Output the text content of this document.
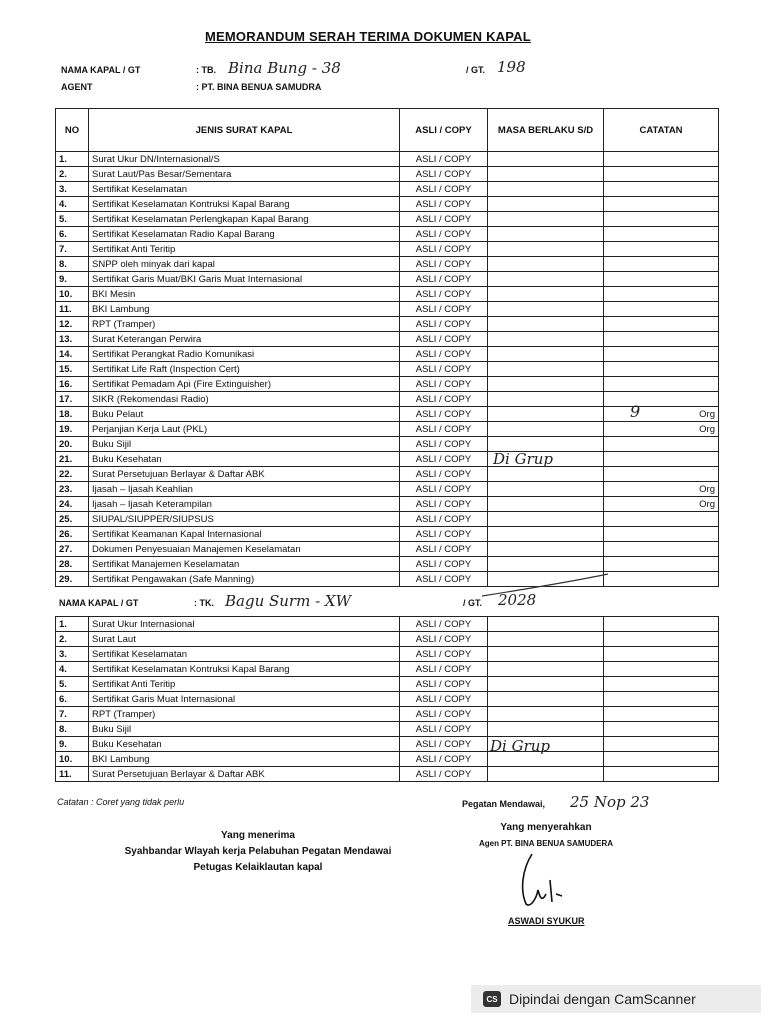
MEMORANDUM SERAH TERIMA DOKUMEN KAPAL
NAMA KAPAL / GT	: TB. Bina Bung - 38	/ GT. 198
AGENT	: PT. BINA BENUA SAMUDRA
NO	JENIS SURAT KAPAL	ASLI / COPY	MASA BERLAKU S/D	CATATAN
1.	Surat Ukur DN/Internasional/S	ASLI / COPY		
2.	Surat Laut/Pas Besar/Sementara	ASLI / COPY		
3.	Sertifikat Keselamatan	ASLI / COPY		
4.	Sertifikat Keselamatan Kontruksi Kapal Barang	ASLI / COPY		
5.	Sertifikat Keselamatan Perlengkapan Kapal Barang	ASLI / COPY		
6.	Sertifikat Keselamatan Radio Kapal Barang	ASLI / COPY		
7.	Sertifikat Anti Teritip	ASLI / COPY		
8.	SNPP oleh minyak dari kapal	ASLI / COPY		
9.	Sertifikat Garis Muat/BKI Garis Muat Internasional	ASLI / COPY		
10.	BKI Mesin	ASLI / COPY		
11.	BKI Lambung	ASLI / COPY		
12.	RPT (Tramper)	ASLI / COPY		
13.	Surat Keterangan Perwira	ASLI / COPY		
14.	Sertifikat Perangkat Radio Komunikasi	ASLI / COPY		
15.	Sertifikat Life Raft (Inspection Cert)	ASLI / COPY		
16.	Sertifikat Pemadam Api (Fire Extinguisher)	ASLI / COPY		
17.	SIKR (Rekomendasi Radio)	ASLI / COPY		
18.	Buku Pelaut	ASLI / COPY		Org
19.	Perjanjian Kerja Laut (PKL)	ASLI / COPY		Org
20.	Buku Sijil	ASLI / COPY		
21.	Buku Kesehatan	ASLI / COPY		
22.	Surat Persetujuan Berlayar & Daftar ABK	ASLI / COPY		
23.	Ijasah – Ijasah Keahlian	ASLI / COPY		Org
24.	Ijasah – Ijasah Keterampilan	ASLI / COPY		Org
25.	SIUPAL/SIUPPER/SIUPSUS	ASLI / COPY		
26.	Sertifikat Keamanan Kapal Internasional	ASLI / COPY		
27.	Dokumen Penyesuaian Manajemen Keselamatan	ASLI / COPY		
28.	Sertifikat Manajemen Keselamatan	ASLI / COPY		
29.	Sertifikat Pengawakan (Safe Manning)	ASLI / COPY		
9
Di Grup
NAMA KAPAL / GT	: TK. Bagu Surm - XW	/ GT. 2028
1.	Surat Ukur Internasional	ASLI / COPY		
2.	Surat Laut	ASLI / COPY		
3.	Sertifikat Keselamatan	ASLI / COPY		
4.	Sertifikat Keselamatan Kontruksi Kapal Barang	ASLI / COPY		
5.	Sertifikat Anti Teritip	ASLI / COPY		
6.	Sertifikat Garis Muat Internasional	ASLI / COPY		
7.	RPT (Tramper)	ASLI / COPY		
8.	Buku Sijil	ASLI / COPY		
9.	Buku Kesehatan	ASLI / COPY		
10.	BKI Lambung	ASLI / COPY		
11.	Surat Persetujuan Berlayar & Daftar ABK	ASLI / COPY		
Di Grup
Catatan : Coret yang tidak perlu	Pegatan Mendawai, 25 Nop 23
Yang menerima
Syahbandar Wlayah kerja Pelabuhan Pegatan Mendawai
Petugas Kelaiklautan kapal
Yang menyerahkan
Agen PT. BINA BENUA SAMUDERA
ASWADI SYUKUR
CS Dipindai dengan CamScanner
